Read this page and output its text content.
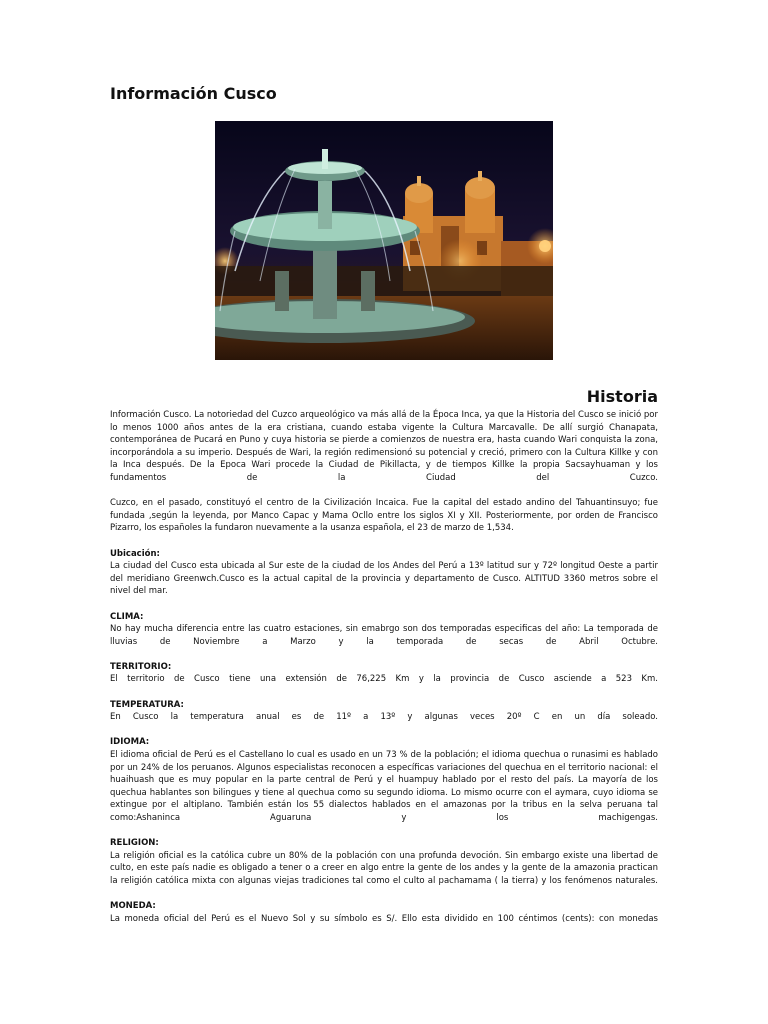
Información Cusco
Historia

Información Cusco. La notoriedad del Cuzco arqueológico va más allá de la Época Inca, ya que la Historia del Cusco se inició por lo menos 1000 años antes de la era cristiana, cuando estaba vigente la Cultura Marcavalle. De allí surgió Chanapata, contemporánea de Pucará en Puno y cuya historia se pierde a comienzos de nuestra era, hasta cuando Wari conquista la zona, incorporándola a su imperio. Después de Wari, la región redimensionó su potencial y creció, primero con la Cultura Killke y con la Inca después. De la Epoca Wari procede la Ciudad de Pikillacta, y de tiempos Killke la propia Sacsayhuaman y los fundamentos de la Ciudad del Cuzco.

Cuzco, en el pasado, constituyó el centro de la Civilización Incaica. Fue la capital del estado andino del Tahuantinsuyo; fue fundada ,según la leyenda, por Manco Capac y Mama Ocllo entre los siglos XI y XII. Posteriormente, por orden de Francisco Pizarro, los españoles la fundaron nuevamente a la usanza española, el 23 de marzo de 1,534.

Ubicación:
La ciudad del Cusco esta ubicada al Sur este de la ciudad de los Andes del Perú a 13º latitud sur y 72º longitud Oeste a partir del meridiano Greenwch.Cusco es la actual capital de la provincia y departamento de Cusco. ALTITUD 3360 metros sobre el nivel del mar.

CLIMA:
No hay mucha diferencia entre las cuatro estaciones, sin emabrgo son dos temporadas especificas del año: La temporada de lluvias de Noviembre a Marzo y la temporada de secas de Abril Octubre.

TERRITORIO:
El territorio de Cusco tiene una extensión de 76,225 Km y la provincia de Cusco asciende a 523 Km.

TEMPERATURA:
En Cusco la temperatura anual es de 11º a 13º y algunas veces 20º C en un día soleado.

IDIOMA:
El idioma oficial de Perú es el Castellano lo cual es usado en un 73 % de la población; el idioma quechua o runasimi es hablado por un 24% de los peruanos. Algunos especialistas reconocen a específicas variaciones del quechua en el territorio nacional: el huaihuash que es muy popular en la parte central de Perú y el huampuy hablado por el resto del país. La mayoría de los quechua hablantes son bilingues y tiene al quechua como su segundo idioma. Lo mismo ocurre con el aymara, cuyo idioma se extingue por el altiplano. También están los 55 dialectos hablados en el amazonas por la tribus en la selva peruana tal como:Ashaninca Aguaruna y los machigengas.

RELIGION:
La religión oficial es la católica cubre un 80% de la población con una profunda devoción. Sin embargo existe una libertad de culto, en este país nadie es obligado a tener o a creer en algo entre la gente de los andes y la gente de la amazonia practican la religión católica mixta con algunas viejas tradiciones tal como el culto al pachamama ( la tierra) y los fenómenos naturales.

MONEDA:
La moneda oficial del Perú es el Nuevo Sol y su símbolo es S/. Ello esta dividido en 100 céntimos (cents): con monedas
